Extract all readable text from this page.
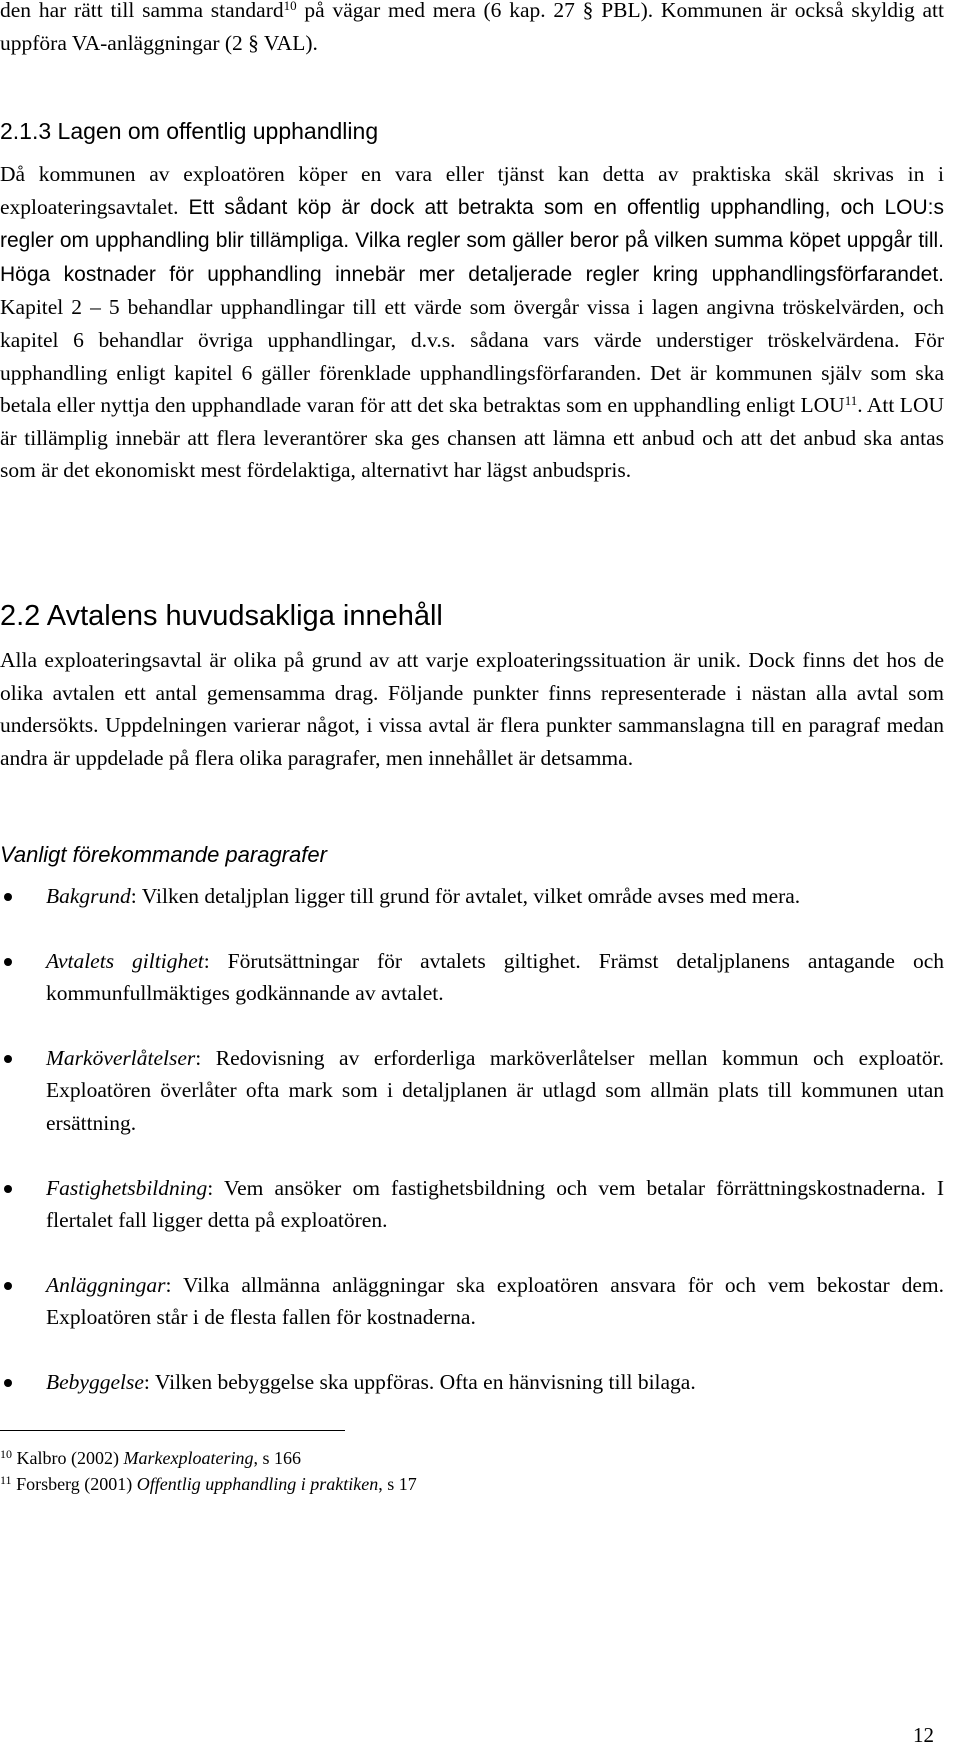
den har rätt till samma standard$^{10}$ på vägar med mera (6 kap. 27 § PBL). Kommunen är också skyldig att uppföra VA-anläggningar (2 § VAL).
2.1.3 Lagen om offentlig upphandling
Då kommunen av exploatören köper en vara eller tjänst kan detta av praktiska skäl skrivas in i exploateringsavtalet. Ett sådant köp är dock att betrakta som en offentlig upphandling, och LOU:s regler om upphandling blir tillämpliga. Vilka regler som gäller beror på vilken summa köpet uppgår till. Höga kostnader för upphandling innebär mer detaljerade regler kring upphandlingsförfarandet. Kapitel 2 – 5 behandlar upphandlingar till ett värde som övergår vissa i lagen angivna tröskelvärden, och kapitel 6 behandlar övriga upphandlingar, d.v.s. sådana vars värde understiger tröskelvärdena. För upphandling enligt kapitel 6 gäller förenklade upphandlingsförfaranden. Det är kommunen själv som ska betala eller nyttja den upphandlade varan för att det ska betraktas som en upphandling enligt LOU$^{11}$. Att LOU är tillämplig innebär att flera leverantörer ska ges chansen att lämna ett anbud och att det anbud ska antas som är det ekonomiskt mest fördelaktiga, alternativt har lägst anbudspris.
2.2 Avtalens huvudsakliga innehåll
Alla exploateringsavtal är olika på grund av att varje exploateringssituation är unik. Dock finns det hos de olika avtalen ett antal gemensamma drag. Följande punkter finns representerade i nästan alla avtal som undersökts. Uppdelningen varierar något, i vissa avtal är flera punkter sammanslagna till en paragraf medan andra är uppdelade på flera olika paragrafer, men innehållet är detsamma.
Vanligt förekommande paragrafer
Bakgrund: Vilken detaljplan ligger till grund för avtalet, vilket område avses med mera.
Avtalets giltighet: Förutsättningar för avtalets giltighet. Främst detaljplanens antagande och kommunfullmäktiges godkännande av avtalet.
Marköverlåtelser: Redovisning av erforderliga marköverlåtelser mellan kommun och exploatör. Exploatören överlåter ofta mark som i detaljplanen är utlagd som allmän plats till kommunen utan ersättning.
Fastighetsbildning: Vem ansöker om fastighetsbildning och vem betalar förrättningskostnaderna. I flertalet fall ligger detta på exploatören.
Anläggningar: Vilka allmänna anläggningar ska exploatören ansvara för och vem bekostar dem. Exploatören står i de flesta fallen för kostnaderna.
Bebyggelse: Vilken bebyggelse ska uppföras. Ofta en hänvisning till bilaga.
$^{10}$ Kalbro (2002) Markexploatering, s 166
$^{11}$ Forsberg (2001) Offentlig upphandling i praktiken, s 17
12
